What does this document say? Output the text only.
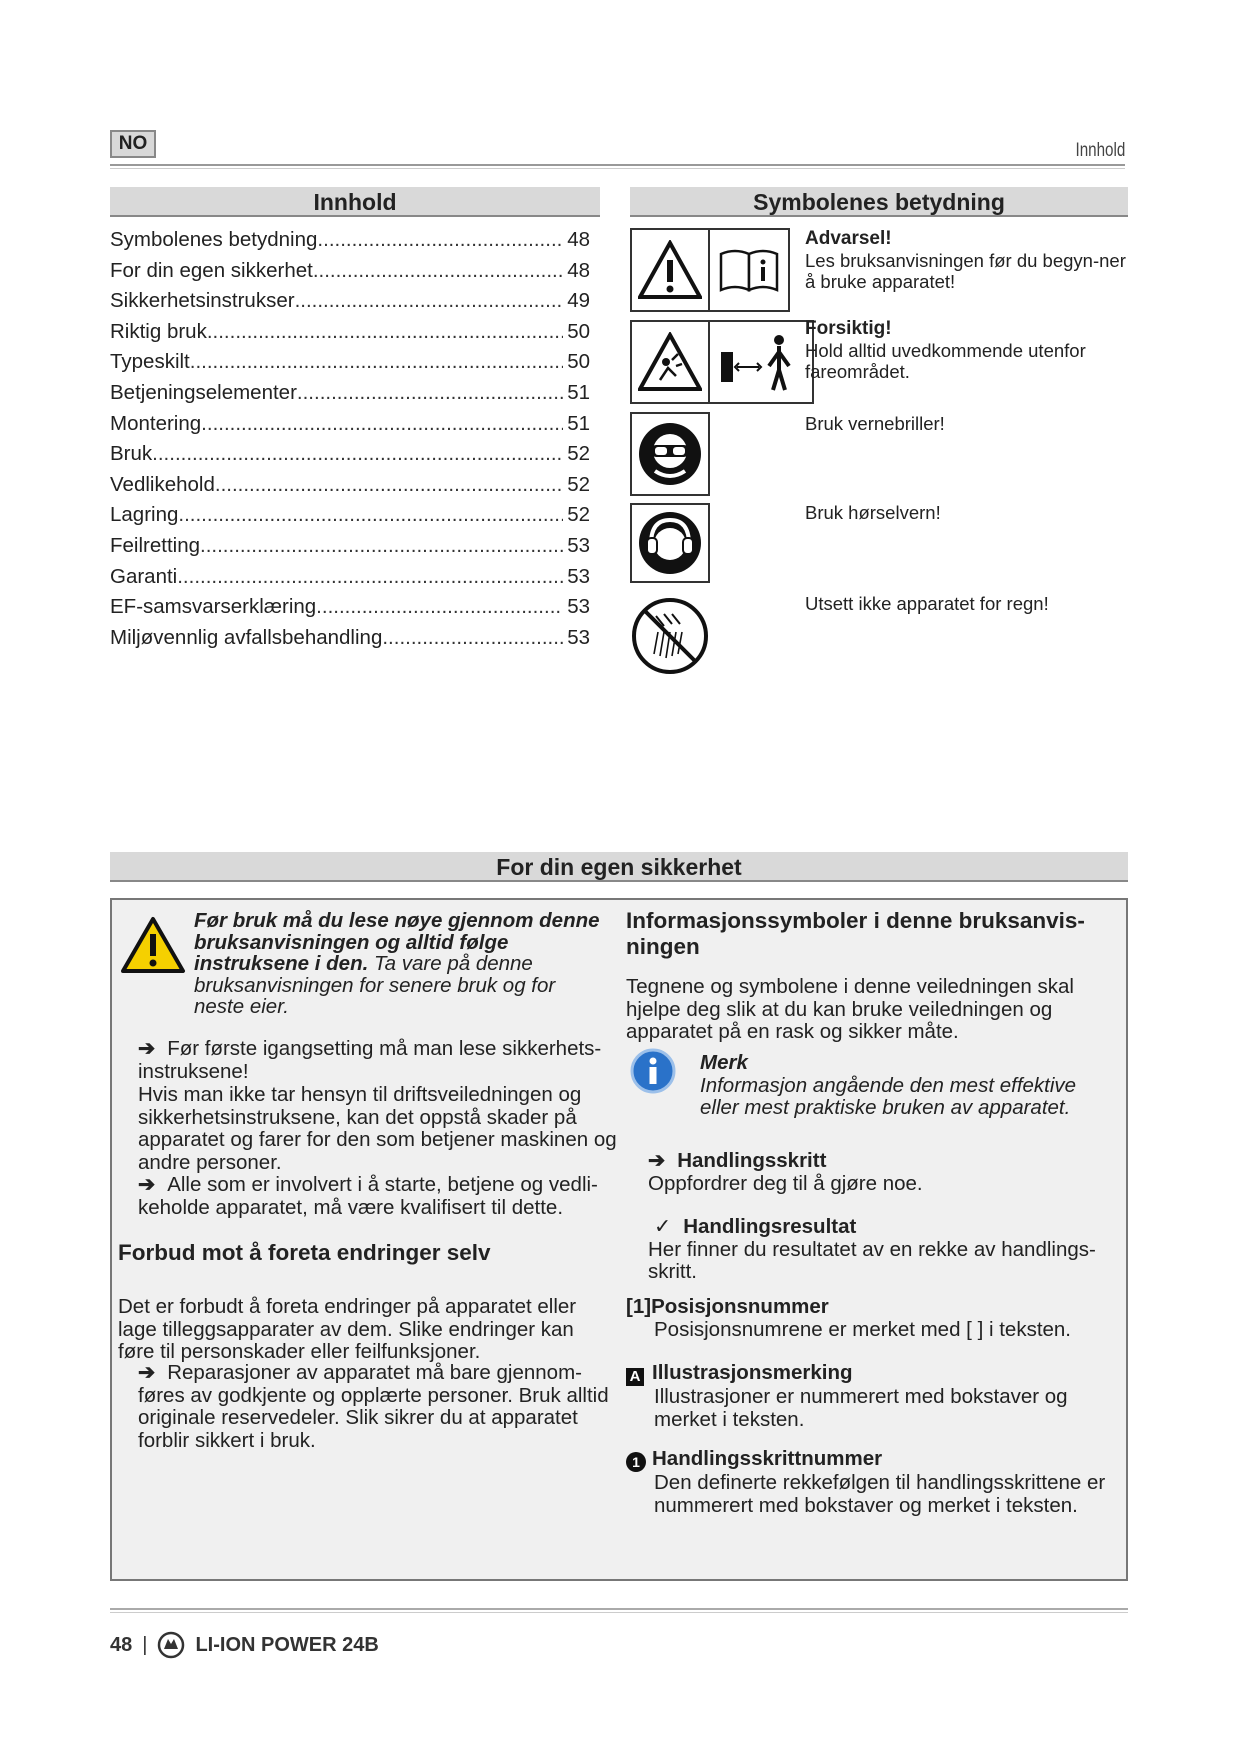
NO	Innhold
Innhold
Symbolenes betydning .....	48
For din egen sikkerhet .....	48
Sikkerhetsinstrukser .....	49
Riktig bruk .....	50
Typeskilt .....	50
Betjeningselementer .....	51
Montering .....	51
Bruk .....	52
Vedlikehold .....	52
Lagring .....	52
Feilretting .....	53
Garanti .....	53
EF-samsvarserklæring .....	53
Miljøvennlig avfallsbehandling .....	53
Symbolenes betydning
Advarsel!
Les bruksanvisningen før du begyn-ner å bruke apparatet!
Forsiktig!
Hold alltid uvedkommende utenfor fareområdet.
Bruk vernebriller!
Bruk hørselvern!
Utsett ikke apparatet for regn!
For din egen sikkerhet
Før bruk må du lese nøye gjennom denne bruksanvisningen og alltid følge instruksene i den. Ta vare på denne bruksanvisningen for senere bruk og for neste eier.
➔ Før første igangsetting må man lese sikkerhets-instruksene!
Hvis man ikke tar hensyn til driftsveiledningen og sikkerhetsinstruksene, kan det oppstå skader på apparatet og farer for den som betjener maskinen og andre personer.
➔ Alle som er involvert i å starte, betjene og vedli-keholde apparatet, må være kvalifisert til dette.
Forbud mot å foreta endringer selv
Det er forbudt å foreta endringer på apparatet eller lage tilleggsapparater av dem. Slike endringer kan føre til personskader eller feilfunksjoner.
➔ Reparasjoner av apparatet må bare gjennom-føres av godkjente og opplærte personer. Bruk alltid originale reservedeler. Slik sikrer du at apparatet forblir sikkert i bruk.
Informasjonssymboler i denne bruksanvis-ningen
Tegnene og symbolene i denne veiledningen skal hjelpe deg slik at du kan bruke veiledningen og apparatet på en rask og sikker måte.
Merk
Informasjon angående den mest effektive eller mest praktiske bruken av apparatet.
➔ Handlingsskritt
Oppfordrer deg til å gjøre noe.
✓ Handlingsresultat
Her finner du resultatet av en rekke av handlings-skritt.
[1]Posisjonsnummer
Posisjonsnumrene er merket med [ ] i teksten.
A Illustrasjonsmerking
Illustrasjoner er nummerert med bokstaver og merket i teksten.
1 Handlingsskrittnummer
Den definerte rekkefølgen til handlingsskrittene er nummerert med bokstaver og merket i teksten.
48 | LI-ION POWER 24B
